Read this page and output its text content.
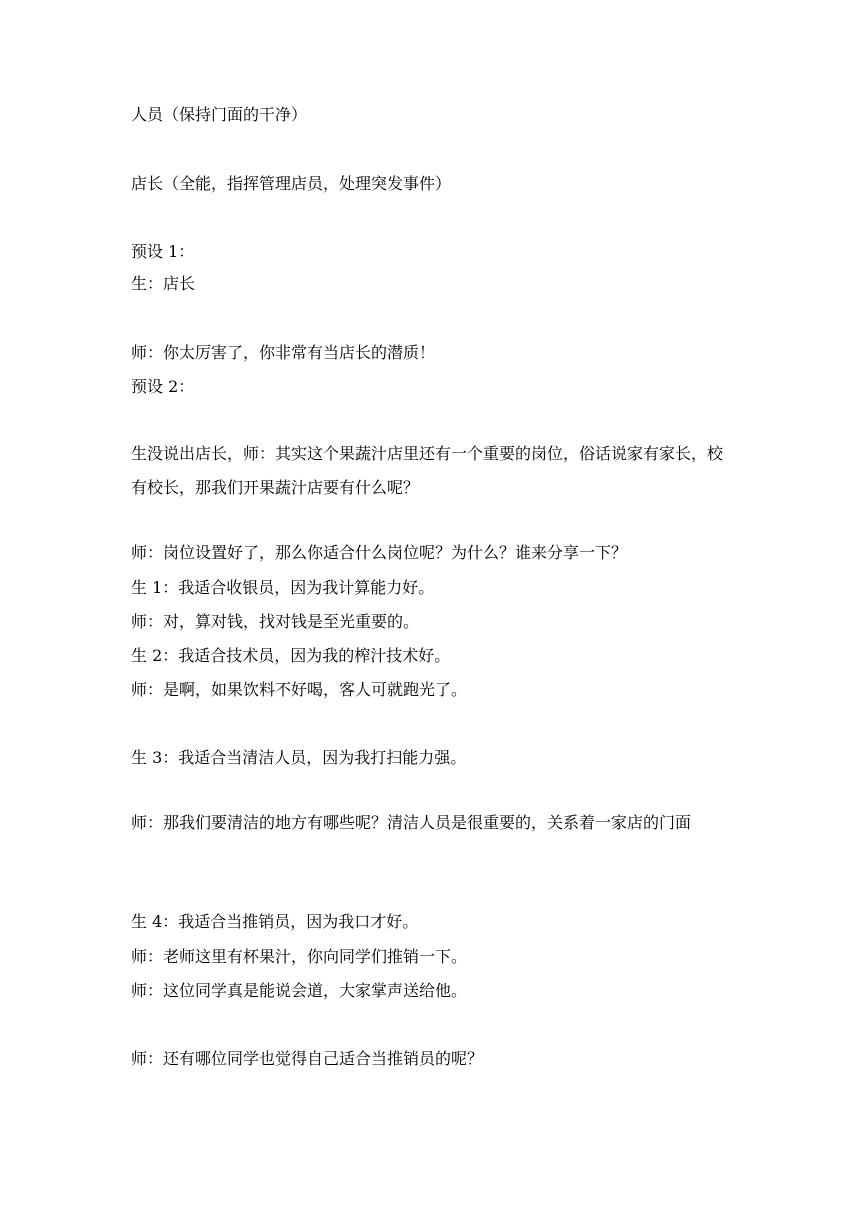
人员（保持门面的干净）
店长（全能，指挥管理店员，处理突发事件）
预设 1：
生：店长
师：你太厉害了，你非常有当店长的潜质！
预设 2：
生没说出店长，师：其实这个果蔬汁店里还有一个重要的岗位，俗话说家有家长，校有校长，那我们开果蔬汁店要有什么呢？
师：岗位设置好了，那么你适合什么岗位呢？为什么？谁来分享一下？
生 1：我适合收银员，因为我计算能力好。
师：对，算对钱，找对钱是至光重要的。
生 2：我适合技术员，因为我的榨汁技术好。
师：是啊，如果饮料不好喝，客人可就跑光了。
生 3：我适合当清洁人员，因为我打扫能力强。
师：那我们要清洁的地方有哪些呢？清洁人员是很重要的，关系着一家店的门面
生 4：我适合当推销员，因为我口才好。
师：老师这里有杯果汁，你向同学们推销一下。
师：这位同学真是能说会道，大家掌声送给他。
师：还有哪位同学也觉得自己适合当推销员的呢？
